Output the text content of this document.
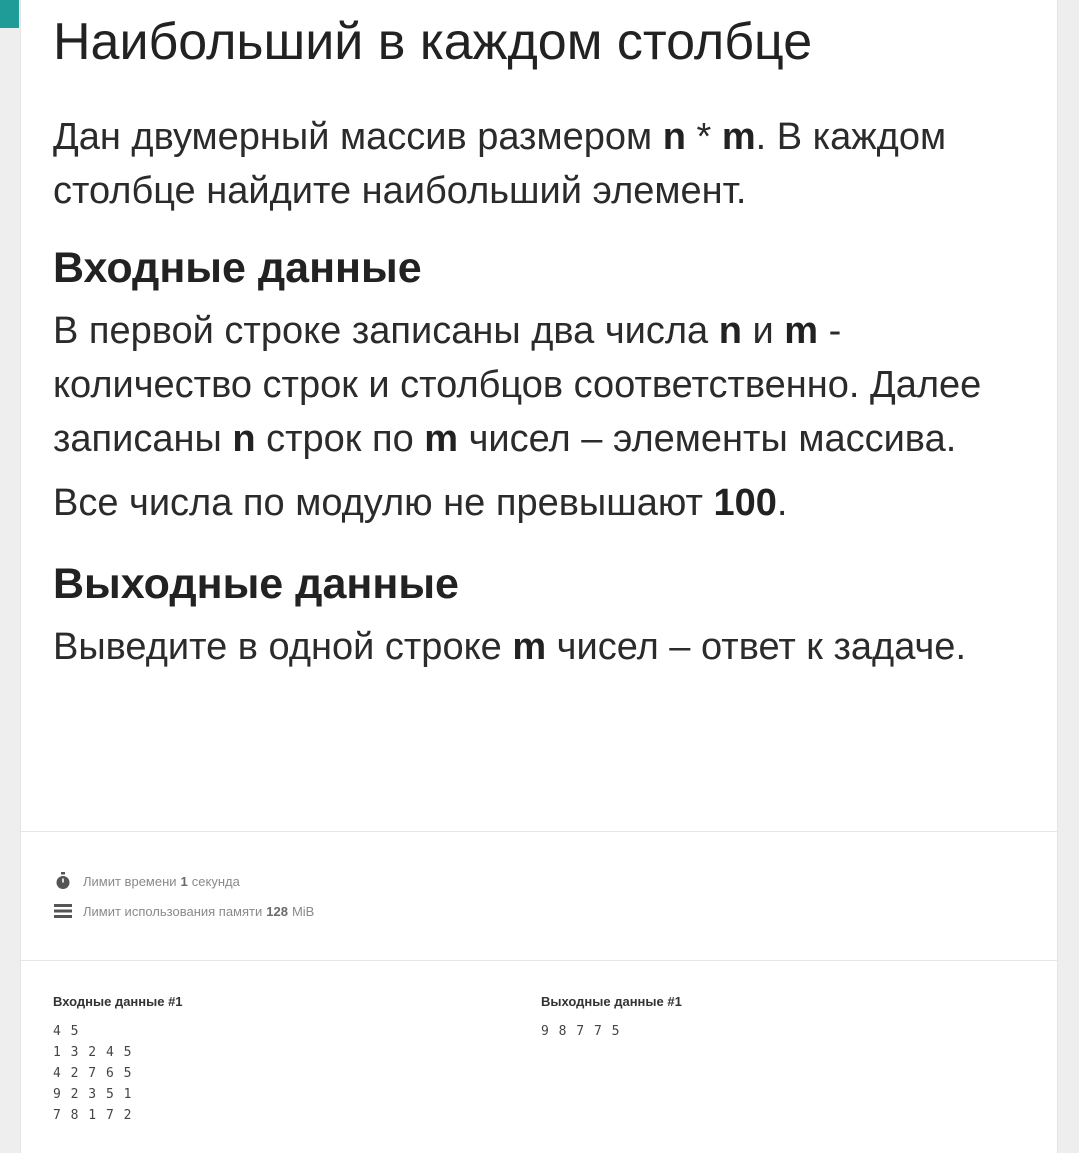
Наибольший в каждом столбце

Дан двумерный массив размером n * m. В каждом столбце найдите наибольший элемент.

Входные данные

В первой строке записаны два числа n и m - количество строк и столбцов соответственно. Далее записаны n строк по m чисел – элементы массива.

Все числа по модулю не превышают 100.

Выходные данные

Выведите в одной строке m чисел – ответ к задаче.

Лимит времени 1 секунда
Лимит использования памяти 128 MiB
Входные данные #1
4 5
1 3 2 4 5
4 2 7 6 5
9 2 3 5 1
7 8 1 7 2
Выходные данные #1
9 8 7 7 5
